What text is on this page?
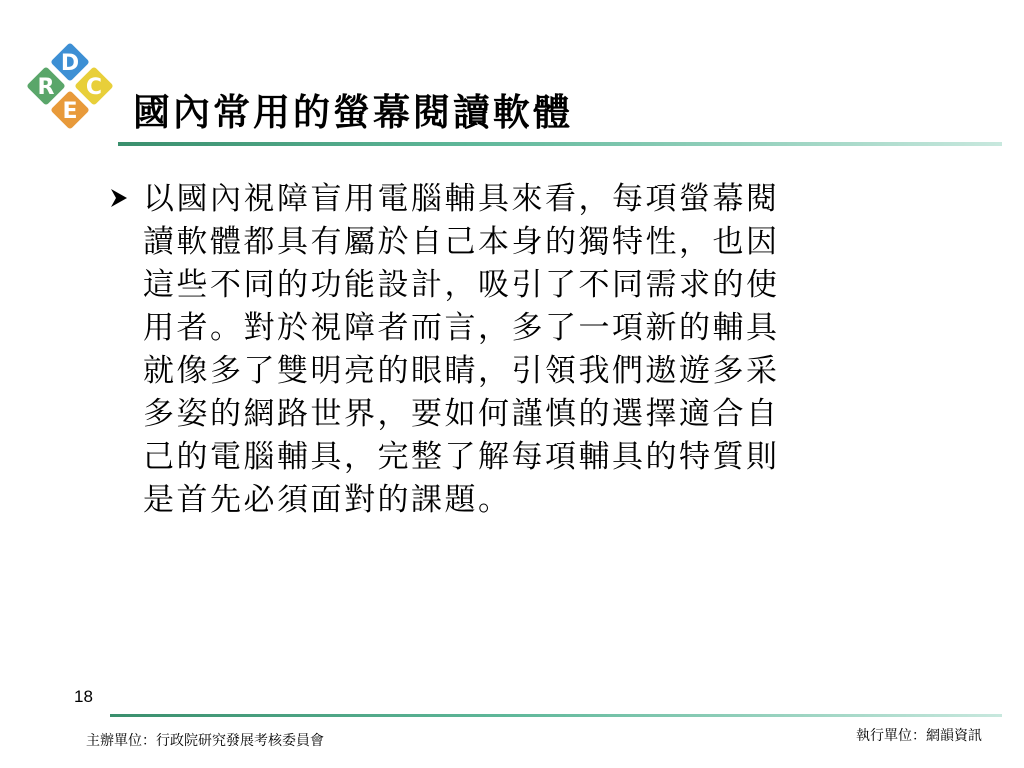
D
R C
E 國內常用的螢幕閱讀軟體
以國內視障盲用電腦輔具來看，每項螢幕閱
讀軟體都具有屬於自己本身的獨特性，也因
這些不同的功能設計，吸引了不同需求的使
用者。對於視障者而言，多了一項新的輔具
就像多了雙明亮的眼睛，引領我們遨遊多采
多姿的網路世界，要如何謹慎的選擇適合自
己的電腦輔具，完整了解每項輔具的特質則
是首先必須面對的課題。
18
主辦單位：行政院研究發展考核委員會	執行單位：網韻資訊
